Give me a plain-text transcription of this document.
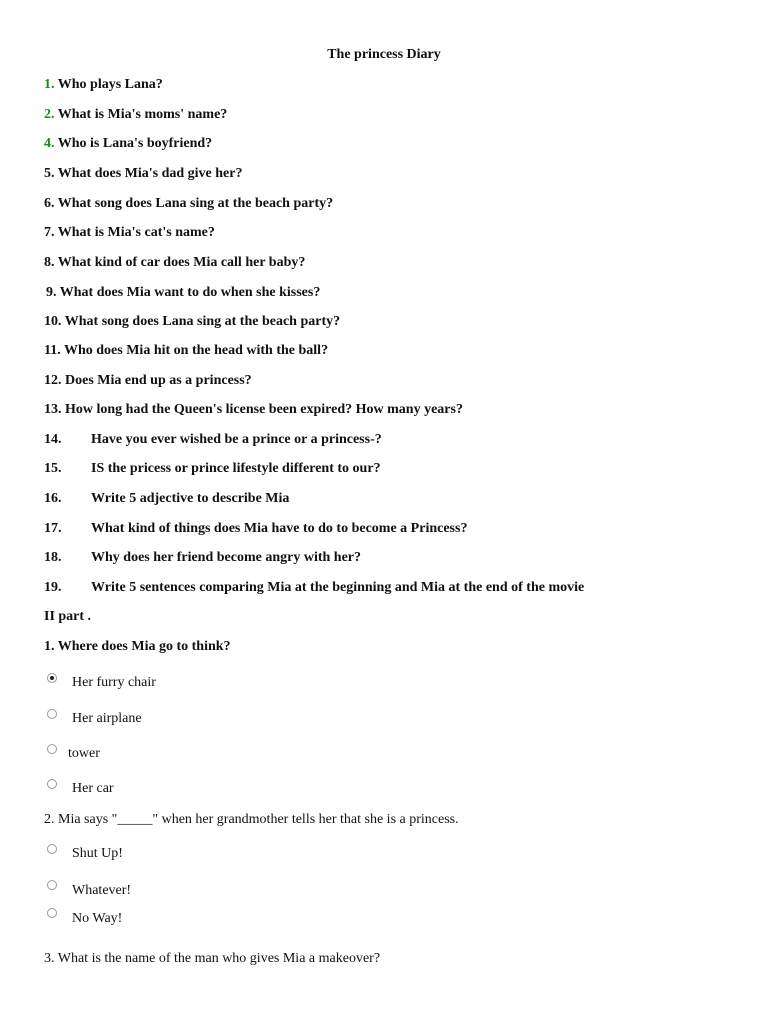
The princess Diary
1. Who plays Lana?
2. What is Mia's moms' name?
4. Who is Lana's boyfriend?
5. What does Mia's dad give her?
6. What song does Lana sing at the beach party?
7. What is Mia's cat's name?
8. What kind of car does Mia call her baby?
9. What does Mia want to do when she kisses?
10. What song does Lana sing at the beach party?
11. Who does Mia hit on the head with the ball?
12. Does Mia end up as a princess?
13. How long had the Queen's license been expired? How many years?
14. Have you ever wished be a prince or a princess-?
15. IS the pricess or prince lifestyle different to our?
16. Write 5 adjective to describe Mia
17. What kind of things does Mia have to do to become a Princess?
18. Why does her friend become angry with her?
19. Write 5 sentences comparing Mia at the beginning and Mia at the end of the movie
II part .
1. Where does Mia go to think?
Her furry chair
Her airplane
tower
Her car
2. Mia says "_____" when her grandmother tells her that she is a princess.
Shut Up!
Whatever!
No Way!
3. What is the name of the man who gives Mia a makeover?
